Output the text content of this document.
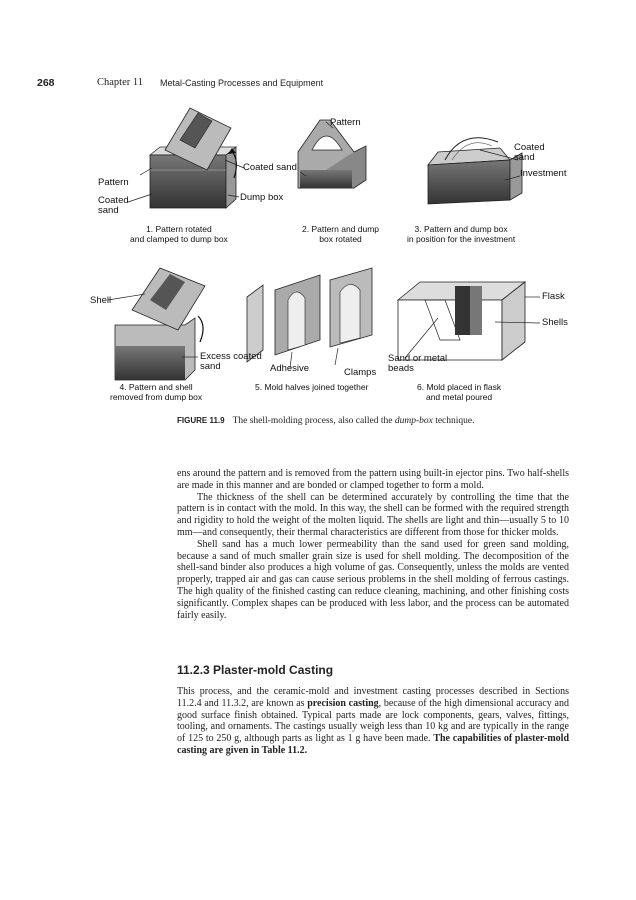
268	Chapter 11 Metal-Casting Processes and Equipment
Pattern
Coated sand
Pattern
Coated sand
Dump box
Coated sand
Investment
1. Pattern rotated
and clamped to dump box
2. Pattern and dump
box rotated
3. Pattern and dump box
in position for the investment
Shell
Excess coated sand	Adhesive	Clamps
Sand or metal beads
Flask
Shells
4. Pattern and shell
removed from dump box
5. Mold halves joined together	6. Mold placed in flask
and metal poured
FIGURE 11.9 The shell-molding process, also called the dump-box technique.

ens around the pattern and is removed from the pattern using built-in ejector pins. Two half-shells are made in this manner and are bonded or clamped together to form a mold.

The thickness of the shell can be determined accurately by controlling the time that the pattern is in contact with the mold. In this way, the shell can be formed with the required strength and rigidity to hold the weight of the molten liquid. The shells are light and thin—usually 5 to 10 mm—and consequently, their thermal characteristics are different from those for thicker molds.

Shell sand has a much lower permeability than the sand used for green sand molding, because a sand of much smaller grain size is used for shell molding. The decomposition of the shell-sand binder also produces a high volume of gas. Consequently, unless the molds are vented properly, trapped air and gas can cause serious problems in the shell molding of ferrous castings. The high quality of the finished casting can reduce cleaning, machining, and other finishing costs significantly. Complex shapes can be produced with less labor, and the process can be automated fairly easily.

11.2.3 Plaster-mold Casting

This process, and the ceramic-mold and investment casting processes described in Sections 11.2.4 and 11.3.2, are known as precision casting, because of the high dimensional accuracy and good surface finish obtained. Typical parts made are lock components, gears, valves, fittings, tooling, and ornaments. The castings usually weigh less than 10 kg and are typically in the range of 125 to 250 g, although parts as light as 1 g have been made. The capabilities of plaster-mold casting are given in Table 11.2.
